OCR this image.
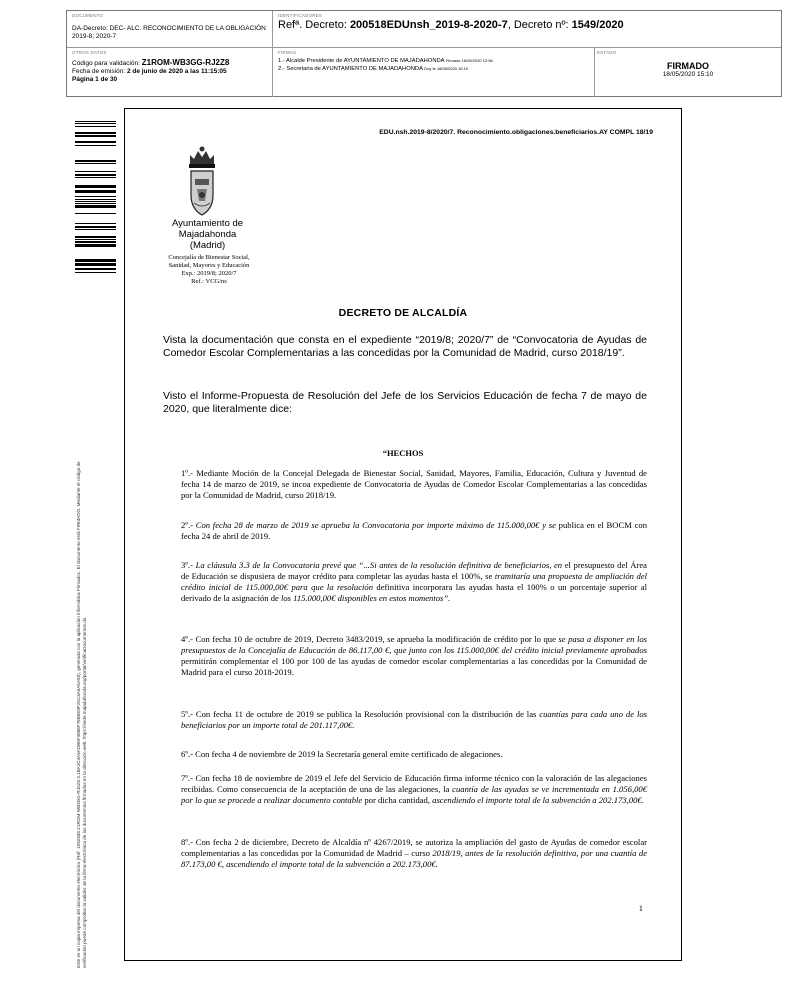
DOCUMENTO
DA-Decreto: DEC- ALC. RECONOCIMIENTO DE LA OBLIGACIÓN 2019-8; 2020-7
IDENTIFICADORES
Refª. Decreto: 200518EDUnsh_2019-8-2020-7, Decreto nº: 1549/2020
OTROS DATOS
Código para validación: Z1ROM-WB3GG-RJ2Z8
Fecha de emisión: 2 de junio de 2020 a las 11:15:05
Página 1 de 30
FIRMAS
1.- Alcalde Presidente de AYUNTAMIENTO DE MAJADAHONDA Firmado 18/05/2020 12:56
2.- Secretaria de AYUNTAMIENTO DE MAJADAHONDA Doy fe 18/05/2020 15:10
ESTADO
FIRMADO
18/05/2020 15:10
Este es un copia impresa del documento electrónico (Ref: 1592838 Z1ROM-WB3GG-RJ2Z8 3.1BA2C4A5ADB6F4886F78B5E9F25C3A5A5A50), generada con la aplicación informática Firmadoc. El documento está FIRMADO. Mediante el código de verificación puede comprobar la validez de la firma electrónica de los documentos firmados en la dirección web: https://sede.majadahonda.org/portal/verificaDocumentos.do
EDU.nsh.2019-8/2020/7. Reconocimiento.obligaciones.beneficiarios.AY COMPL 18/19
Ayuntamiento de
Majadahonda
(Madrid)
Concejalía de Bienestar Social,
Sanidad, Mayores y Educación
Exp.: 2019/8; 2020/7
Ref.: VCG/ns
DECRETO DE ALCALDÍA
Vista la documentación que consta en el expediente “2019/8; 2020/7” de “Convocatoria de Ayudas de Comedor Escolar Complementarias a las concedidas por la Comunidad de Madrid, curso 2018/19”.
Visto el Informe-Propuesta de Resolución del Jefe de los Servicios Educación de fecha 7 de mayo de 2020, que literalmente dice:
“HECHOS
1º.- Mediante Moción de la Concejal Delegada de Bienestar Social, Sanidad, Mayores, Familia, Educación, Cultura y Juventud de fecha 14 de marzo de 2019, se incoa expediente de Convocatoria de Ayudas de Comedor Escolar Complementarias a las concedidas por la Comunidad de Madrid, curso 2018/19.
2º.- Con fecha 28 de marzo de 2019 se aprueba la Convocatoria por importe máximo de 115.000,00€ y se publica en el BOCM con fecha 24 de abril de 2019.
3º.- La cláusula 3.3 de la Convocatoria prevé que “...Si antes de la resolución definitiva de beneficiarios, en el presupuesto del Área de Educación se dispusiera de mayor crédito para completar las ayudas hasta el 100%, se tramitaría una propuesta de ampliación del crédito inicial de 115.000,00€ para que la resolución definitiva incorporara las ayudas hasta el 100% o un porcentaje superior al derivado de la asignación de los 115.000,00€ disponibles en estos momentos”.
4º.- Con fecha 10 de octubre de 2019, Decreto 3483/2019, se aprueba la modificación de crédito por lo que se pasa a disponer en los presupuestos de la Concejalía de Educación de 86.117,00 €, que junto con los 115.000,00€ del crédito inicial previamente aprobados permitirán complementar el 100 por 100 de las ayudas de comedor escolar complementarias a las concedidas por la Comunidad de Madrid para el curso 2018-2019.
5º.- Con fecha 11 de octubre de 2019 se publica la Resolución provisional con la distribución de las cuantías para cada uno de los beneficiarios por un importe total de 201.117,00€.
6º.- Con fecha 4 de noviembre de 2019 la Secretaría general emite certificado de alegaciones.
7º.- Con fecha 18 de noviembre de 2019 el Jefe del Servicio de Educación firma informe técnico con la valoración de las alegaciones recibidas. Como consecuencia de la aceptación de una de las alegaciones, la cuantía de las ayudas se ve incrementada en 1.056,00€ por lo que se procede a realizar documento contable por dicha cantidad, ascendiendo el importe total de la subvención a 202.173,00€.
8º.- Con fecha 2 de diciembre, Decreto de Alcaldía nº 4267/2019, se autoriza la ampliación del gasto de Ayudas de comedor escolar complementarias a las concedidas por la Comunidad de Madrid – curso 2018/19, antes de la resolución definitiva, por una cuantía de 87.173,00 €, ascendiendo el importe total de la subvención a 202.173,00€.
1
